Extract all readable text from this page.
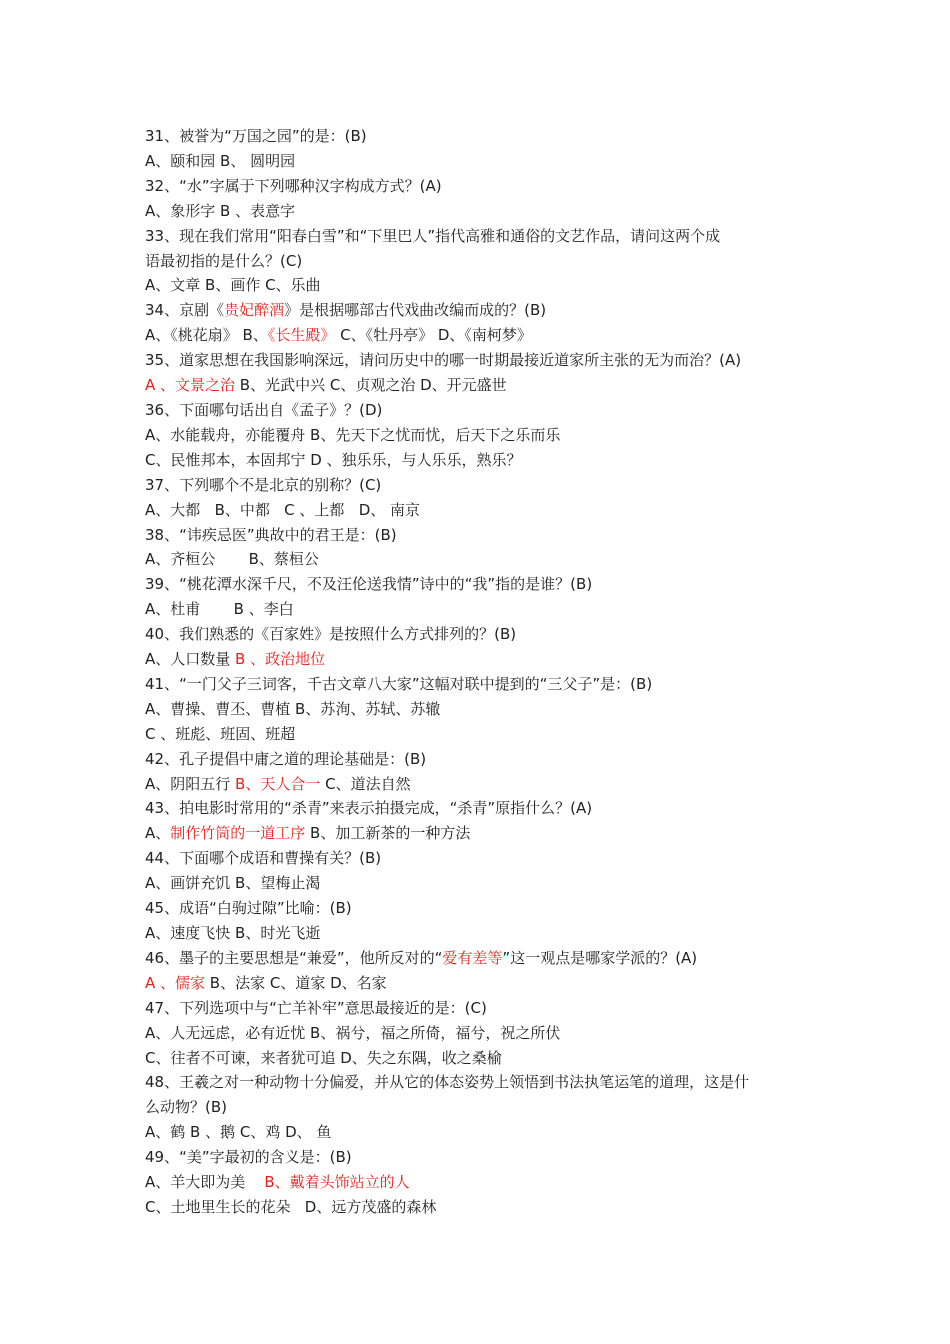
31、被誉为“万国之园”的是：(B)

A、颐和园 B、 圆明园

32、“水”字属于下列哪种汉字构成方式？(A)

A、象形字 B 、表意字

33、现在我们常用“阳春白雪”和“下里巴人”指代高雅和通俗的文艺作品，请问这两个成

语最初指的是什么？(C)

A、文章 B、画作 C、乐曲

34、京剧《贵妃醉酒》是根据哪部古代戏曲改编而成的？(B)

A、《桃花扇》 B、《长生殿》 C、《牡丹亭》 D、《南柯梦》

35、道家思想在我国影响深远，请问历史中的哪一时期最接近道家所主张的无为而治？(A)

A 、文景之治 B、光武中兴 C、贞观之治 D、开元盛世

36、下面哪句话出自《孟子》？(D)

A、水能载舟，亦能覆舟 B、先天下之忧而忧，后天下之乐而乐

C、民惟邦本，本固邦宁 D 、独乐乐，与人乐乐，熟乐？

37、下列哪个不是北京的别称？(C)

A、大都   B、中都   C 、上都   D、 南京

38、“讳疾忌医”典故中的君王是：(B)

A、齐桓公       B、蔡桓公

39、“桃花潭水深千尺，不及汪伦送我情”诗中的“我”指的是谁？(B)

A、杜甫       B 、李白

40、我们熟悉的《百家姓》是按照什么方式排列的？(B)

A、人口数量 B 、政治地位

41、“一门父子三词客，千古文章八大家”这幅对联中提到的“三父子”是：(B)

A、曹操、曹丕、曹植 B、苏洵、苏轼、苏辙

C 、班彪、班固、班超

42、孔子提倡中庸之道的理论基础是：(B)

A、阴阳五行 B、天人合一 C、道法自然

43、拍电影时常用的“杀青”来表示拍摄完成，“杀青”原指什么？(A)

A、制作竹筒的一道工序 B、加工新茶的一种方法

44、下面哪个成语和曹操有关？(B)

A、画饼充饥 B、望梅止渴

45、成语“白驹过隙”比喻：(B)

A、速度飞快 B、时光飞逝

46、墨子的主要思想是“兼爱”，他所反对的“爱有差等”这一观点是哪家学派的？(A)

A 、儒家 B、法家 C、道家 D、名家

47、下列选项中与“亡羊补牢”意思最接近的是：(C)

A、人无远虑，必有近忧 B、祸兮，福之所倚，福兮，祝之所伏

C、往者不可谏，来者犹可追 D、失之东隅，收之桑榆

48、王羲之对一种动物十分偏爱，并从它的体态姿势上领悟到书法执笔运笔的道理，这是什

么动物？(B)

A、鹤 B 、鹅 C、鸡 D、 鱼

49、“美”字最初的含义是：(B)

A、羊大即为美    B、戴着头饰站立的人

C、土地里生长的花朵   D、远方茂盛的森林
